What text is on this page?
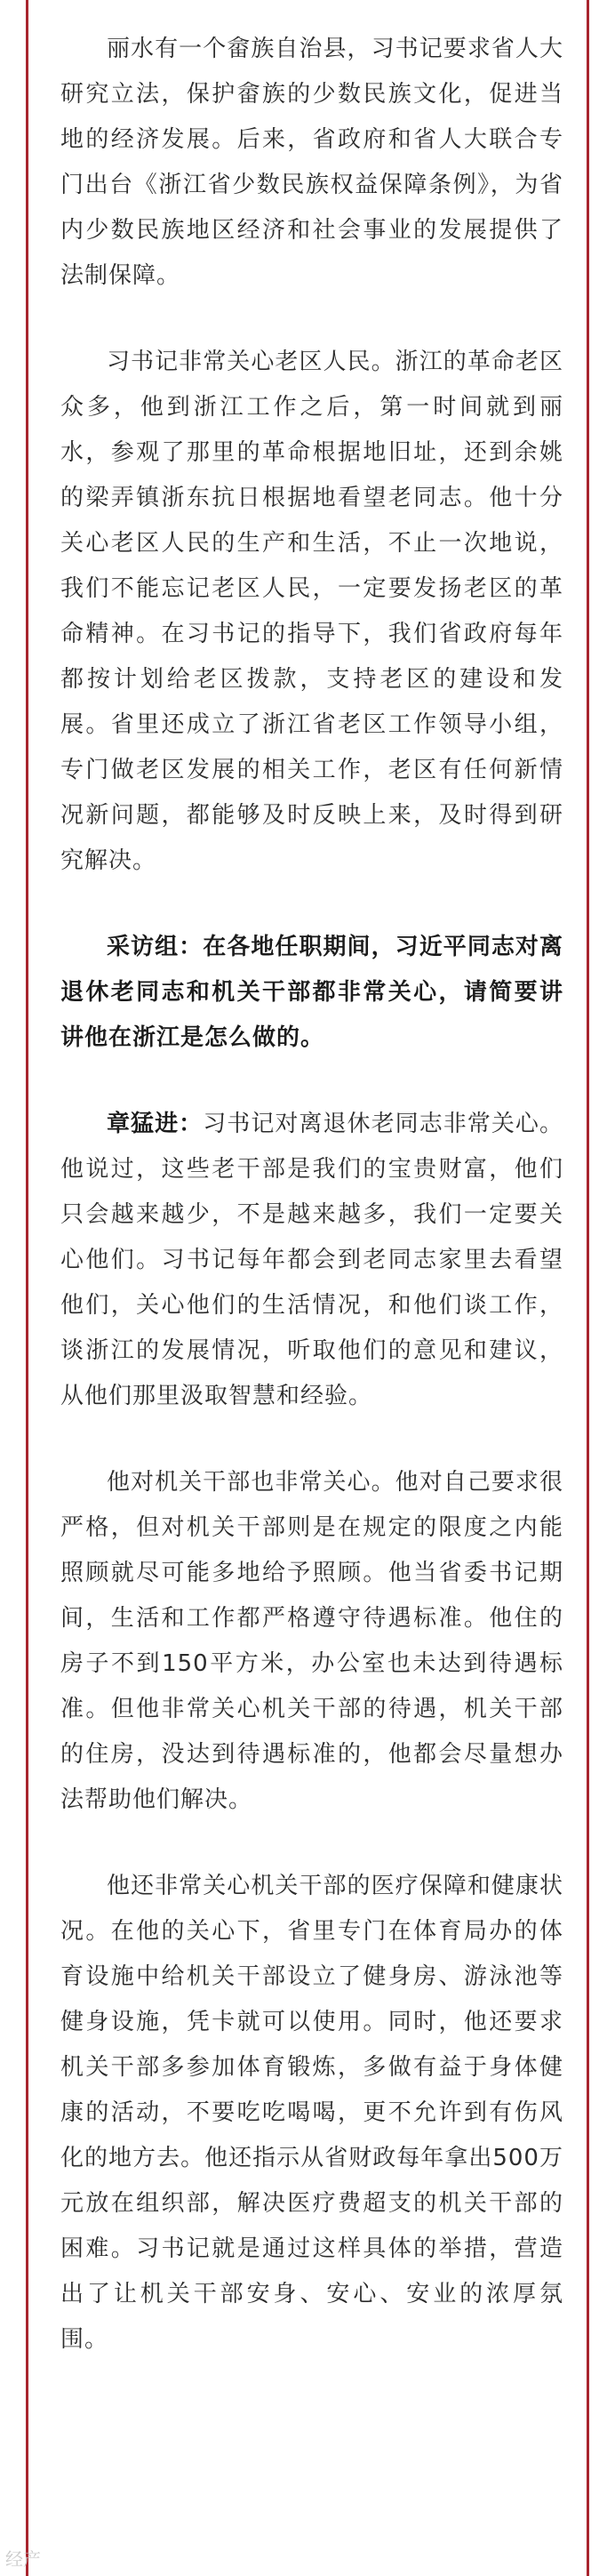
丽水有一个畲族自治县，习书记要求省人大研究立法，保护畲族的少数民族文化，促进当地的经济发展。后来，省政府和省人大联合专门出台《浙江省少数民族权益保障条例》，为省内少数民族地区经济和社会事业的发展提供了法制保障。

习书记非常关心老区人民。浙江的革命老区众多，他到浙江工作之后，第一时间就到丽水，参观了那里的革命根据地旧址，还到余姚的梁弄镇浙东抗日根据地看望老同志。他十分关心老区人民的生产和生活，不止一次地说，我们不能忘记老区人民，一定要发扬老区的革命精神。在习书记的指导下，我们省政府每年都按计划给老区拨款，支持老区的建设和发展。省里还成立了浙江省老区工作领导小组，专门做老区发展的相关工作，老区有任何新情况新问题，都能够及时反映上来，及时得到研究解决。

采访组：在各地任职期间，习近平同志对离退休老同志和机关干部都非常关心，请简要讲讲他在浙江是怎么做的。

章猛进：习书记对离退休老同志非常关心。他说过，这些老干部是我们的宝贵财富，他们只会越来越少，不是越来越多，我们一定要关心他们。习书记每年都会到老同志家里去看望他们，关心他们的生活情况，和他们谈工作，谈浙江的发展情况，听取他们的意见和建议，从他们那里汲取智慧和经验。

他对机关干部也非常关心。他对自己要求很严格，但对机关干部则是在规定的限度之内能照顾就尽可能多地给予照顾。他当省委书记期间，生活和工作都严格遵守待遇标准。他住的房子不到150平方米，办公室也未达到待遇标准。但他非常关心机关干部的待遇，机关干部的住房，没达到待遇标准的，他都会尽量想办法帮助他们解决。

他还非常关心机关干部的医疗保障和健康状况。在他的关心下，省里专门在体育局办的体育设施中给机关干部设立了健身房、游泳池等健身设施，凭卡就可以使用。同时，他还要求机关干部多参加体育锻炼，多做有益于身体健康的活动，不要吃吃喝喝，更不允许到有伤风化的地方去。他还指示从省财政每年拿出500万元放在组织部，解决医疗费超支的机关干部的困难。习书记就是通过这样具体的举措，营造出了让机关干部安身、安心、安业的浓厚氛围。

经产
